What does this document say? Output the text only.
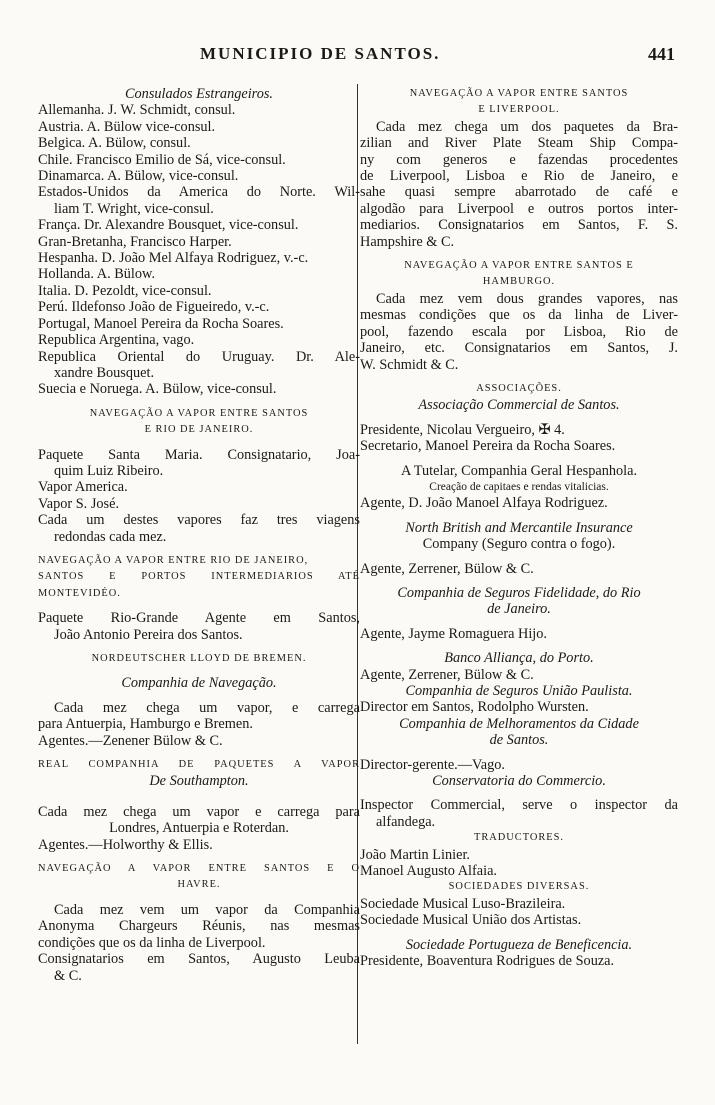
MUNICIPIO DE SANTOS.	441
Consulados Estrangeiros.
Allemanha. J. W. Schmidt, consul.
Austria. A. Bülow vice-consul.
Belgica. A. Bülow, consul.
Chile. Francisco Emilio de Sá, vice-consul.
Dinamarca. A. Bülow, vice-consul.
Estados-Unidos da America do Norte. Wil-
liam T. Wright, vice-consul.
França. Dr. Alexandre Bousquet, vice-consul.
Gran-Bretanha, Francisco Harper.
Hespanha. D. João Mel Alfaya Rodriguez, v.-c.
Hollanda. A. Bülow.
Italia. D. Pezoldt, vice-consul.
Perú. Ildefonso João de Figueiredo, v.-c.
Portugal, Manoel Pereira da Rocha Soares.
Republica Argentina, vago.
Republica Oriental do Uruguay. Dr. Ale-
xandre Bousquet.
Suecia e Noruega. A. Bülow, vice-consul.
NAVEGAÇÃO A VAPOR ENTRE SANTOS
E RIO DE JANEIRO.
Paquete Santa Maria. Consignatario, Joa-
quim Luiz Ribeiro.
Vapor America.
Vapor S. José.
Cada um destes vapores faz tres viagens
redondas cada mez.
NAVEGAÇÃO A VAPOR ENTRE RIO DE JANEIRO,
SANTOS E PORTOS INTERMEDIARIOS ATÉ
MONTEVIDÉO.
Paquete Rio-Grande Agente em Santos,
João Antonio Pereira dos Santos.
NORDEUTSCHER LLOYD DE BREMEN.
Companhia de Navegação.
Cada mez chega um vapor, e carrega
para Antuerpia, Hamburgo e Bremen.
Agentes.—Zenener Bülow & C.
REAL COMPANHIA DE PAQUETES A VAPOR
De Southampton.
Cada mez chega um vapor e carrega para
Londres, Antuerpia e Roterdan.
Agentes.—Holworthy & Ellis.
NAVEGAÇÃO A VAPOR ENTRE SANTOS E O
HAVRE.
Cada mez vem um vapor da Companhia
Anonyma Chargeurs Réunis, nas mesmas
condições que os da linha de Liverpool.
Consignatarios em Santos, Augusto Leuba
& C.
NAVEGAÇÃO A VAPOR ENTRE SANTOS
E LIVERPOOL.
Cada mez chega um dos paquetes da Bra-
zilian and River Plate Steam Ship Compa-
ny com generos e fazendas procedentes
de Liverpool, Lisboa e Rio de Janeiro, e
sahe quasi sempre abarrotado de café e
algodão para Liverpool e outros portos inter-
mediarios. Consignatarios em Santos, F. S.
Hampshire & C.
NAVEGAÇÃO A VAPOR ENTRE SANTOS E
HAMBURGO.
Cada mez vem dous grandes vapores, nas
mesmas condições que os da linha de Liver-
pool, fazendo escala por Lisboa, Rio de
Janeiro, etc. Consignatarios em Santos, J.
W. Schmidt & C.
ASSOCIAÇÕES.
Associação Commercial de Santos.
Presidente, Nicolau Vergueiro, ✠ 4.
Secretario, Manoel Pereira da Rocha Soares.
A Tutelar, Companhia Geral Hespanhola.
Creação de capitaes e rendas vitalicias.
Agente, D. João Manoel Alfaya Rodriguez.
North British and Mercantile Insurance
Company (Seguro contra o fogo).
Agente, Zerrener, Bülow & C.
Companhia de Seguros Fidelidade, do Rio
de Janeiro.
Agente, Jayme Romaguera Hijo.
Banco Alliança, do Porto.
Agente, Zerrener, Bülow & C.
Companhia de Seguros União Paulista.
Director em Santos, Rodolpho Wursten.
Companhia de Melhoramentos da Cidade
de Santos.
Director-gerente.—Vago.
Conservatoria do Commercio.
Inspector Commercial, serve o inspector da
alfandega.
TRADUCTORES.
João Martin Linier.
Manoel Augusto Alfaia.
SOCIEDADES DIVERSAS.
Sociedade Musical Luso-Brazileira.
Sociedade Musical União dos Artistas.
Sociedade Portugueza de Beneficencia.
Presidente, Boaventura Rodrigues de Souza.
